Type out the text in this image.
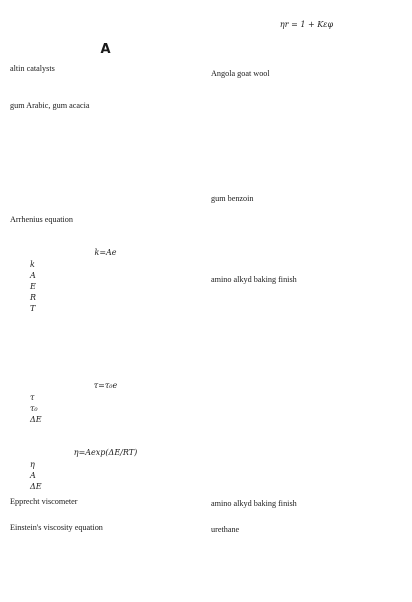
A
altin catalysts
gum Arabic, gum acacia
Arrhenius equation
k=Ae
k
A
E
R
T
τ=τ₀e
τ
τ₀
ΔE
η=Aexp(ΔE/RT)
η
A
ΔE
Epprecht viscometer
Einstein's viscosity equation
ηr = 1 + Kεφ
Angola goat wool
gum benzoin
amino alkyd baking finish
amino alkyd baking finish
urethane
